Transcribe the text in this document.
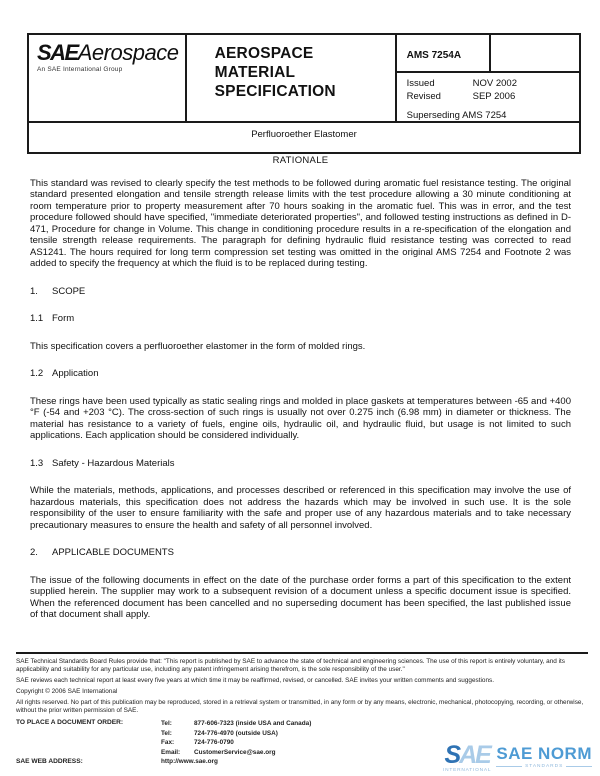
SAEAerospace
An SAE International Group
AEROSPACE MATERIAL SPECIFICATION
AMS 7254A
Issued	NOV 2002
Revised	SEP 2006
Superseding AMS 7254
Perfluoroether Elastomer
RATIONALE

This standard was revised to clearly specify the test methods to be followed during aromatic fuel resistance testing. The original standard presented elongation and tensile strength release limits with the test procedure allowing a 30 minute conditioning at room temperature prior to property measurement after 70 hours soaking in the aromatic fuel. This was in error, and the test procedure followed should have specified, "immediate deteriorated properties", and followed testing instructions as defined in D-471, Procedure for change in Volume. This change in conditioning procedure results in a re-specification of the elongation and tensile strength release requirements. The paragraph for defining hydraulic fluid resistance testing was corrected to read AS1241. The hours required for long term compression set testing was omitted in the original AMS 7254 and Footnote 2 was added to specify the frequency at which the fluid is to be replaced during testing.

1. SCOPE
1.1 Form

This specification covers a perfluoroether elastomer in the form of molded rings.

1.2 Application

These rings have been used typically as static sealing rings and molded in place gaskets at temperatures between -65 and +400 °F (-54 and +203 °C). The cross-section of such rings is usually not over 0.275 inch (6.98 mm) in diameter or thickness. The material has resistance to a variety of fuels, engine oils, hydraulic oil, and hydraulic fluid, but usage is not limited to such applications. Each application should be considered individually.

1.3 Safety - Hazardous Materials

While the materials, methods, applications, and processes described or referenced in this specification may involve the use of hazardous materials, this specification does not address the hazards which may be involved in such use. It is the sole responsibility of the user to ensure familiarity with the safe and proper use of any hazardous materials and to take necessary precautionary measures to ensure the health and safety of all personnel involved.

2. APPLICABLE DOCUMENTS

The issue of the following documents in effect on the date of the purchase order forms a part of this specification to the extent supplied herein. The supplier may work to a subsequent revision of a document unless a specific document issue is specified. When the referenced document has been cancelled and no superseding document has been specified, the last published issue of that document shall apply.

SAE Technical Standards Board Rules provide that: "This report is published by SAE to advance the state of technical and engineering sciences. The use of this report is entirely voluntary, and its applicability and suitability for any particular use, including any patent infringement arising therefrom, is the sole responsibility of the user."

SAE reviews each technical report at least every five years at which time it may be reaffirmed, revised, or cancelled. SAE invites your written comments and suggestions.

Copyright © 2006 SAE International

All rights reserved. No part of this publication may be reproduced, stored in a retrieval system or transmitted, in any form or by any means, electronic, mechanical, photocopying, recording, or otherwise, without the prior written permission of SAE.

TO PLACE A DOCUMENT ORDER:	Tel:	877-606-7323 (inside USA and Canada)
Tel:	724-776-4970 (outside USA)
Fax:	724-776-0790
Email:	CustomerService@sae.org
SAE WEB ADDRESS:	http://www.sae.org	SAE
INTERNATIONAL
SAE NORM
STANDARDS
